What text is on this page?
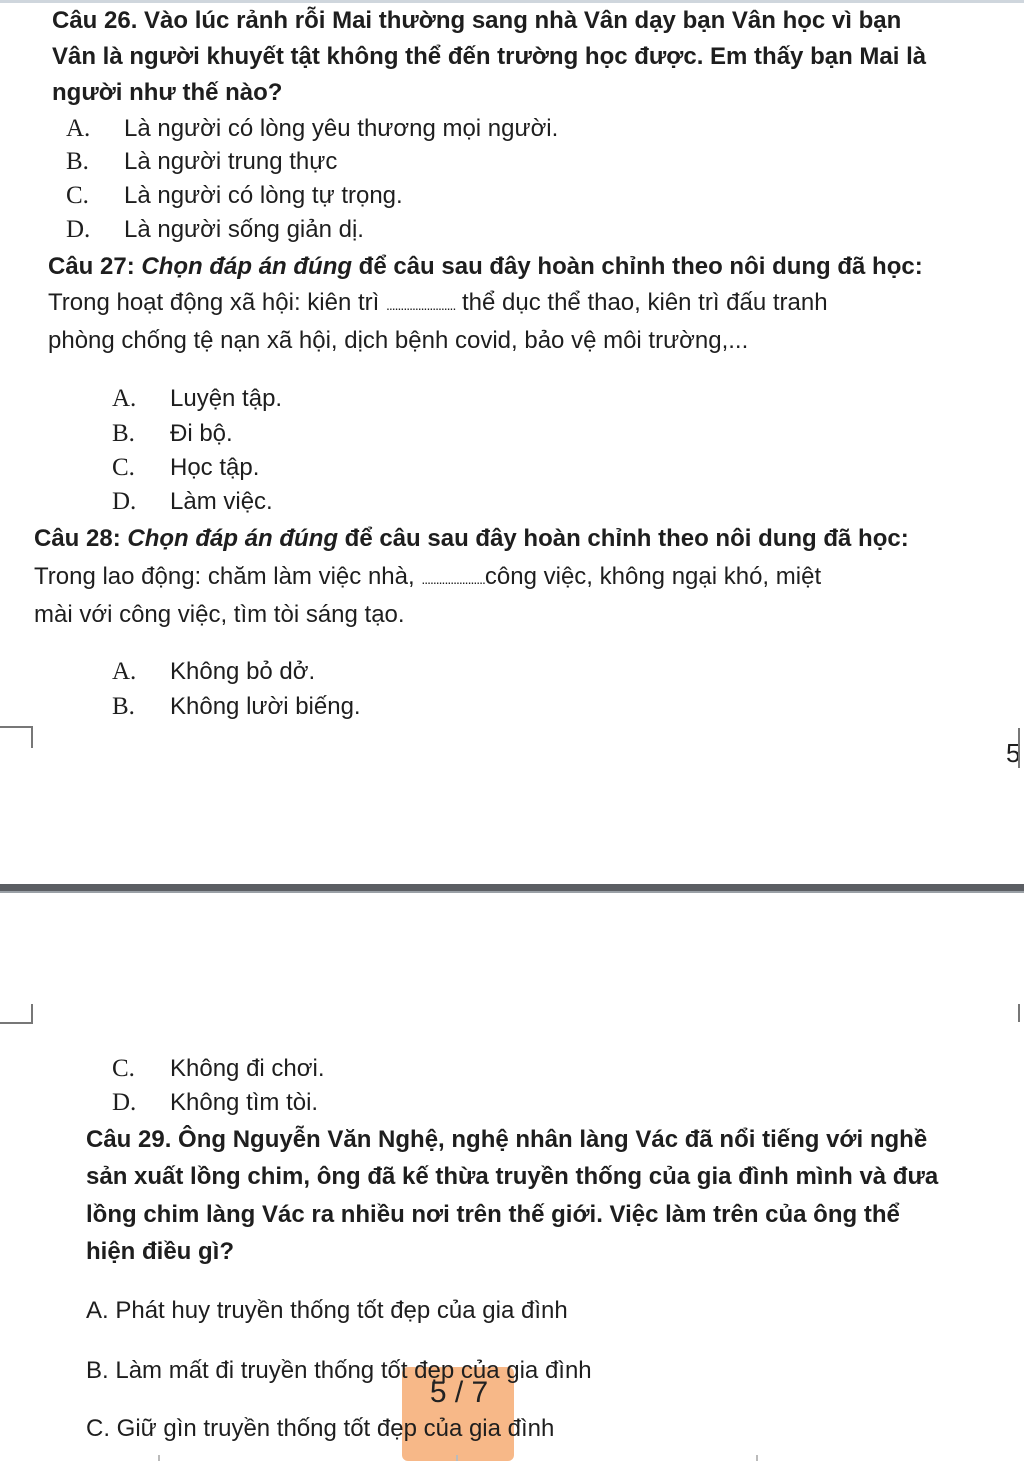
Câu 26. Vào lúc rảnh rỗi Mai thường sang nhà Vân dạy bạn Vân học vì bạn
Vân là người khuyết tật không thể đến trường học được. Em thấy bạn Mai là
người như thế nào?
A. Là người có lòng yêu thương mọi người.
B. Là người trung thực
C. Là người có lòng tự trọng.
D. Là người sống giản dị.
Câu 27: Chọn đáp án đúng để câu sau đây hoàn chỉnh theo nôi dung đã học:
Trong hoạt động xã hội: kiên trì ........................ thể dục thể thao, kiên trì đấu tranh
phòng chống tệ nạn xã hội, dịch bệnh covid, bảo vệ môi trường,...
A. Luyện tập.
B. Đi bộ.
C. Học tập.
D. Làm việc.
Câu 28: Chọn đáp án đúng để câu sau đây hoàn chỉnh theo nôi dung đã học:
Trong lao động: chăm làm việc nhà, ......................công việc, không ngại khó, miệt
mài với công việc, tìm tòi sáng tạo.
A. Không bỏ dở.
B. Không lười biếng.
5
C. Không đi chơi.
D. Không tìm tòi.
Câu 29. Ông Nguyễn Văn Nghệ, nghệ nhân làng Vác đã nổi tiếng với nghề
sản xuất lồng chim, ông đã kế thừa truyền thống của gia đình mình và đưa
lồng chim làng Vác ra nhiều nơi trên thế giới. Việc làm trên của ông thể
hiện điều gì?
A. Phát huy truyền thống tốt đẹp của gia đình
B. Làm mất đi truyền thống tốt đẹp của gia đình
C. Giữ gìn truyền thống tốt đẹp của gia đình
5 / 7
